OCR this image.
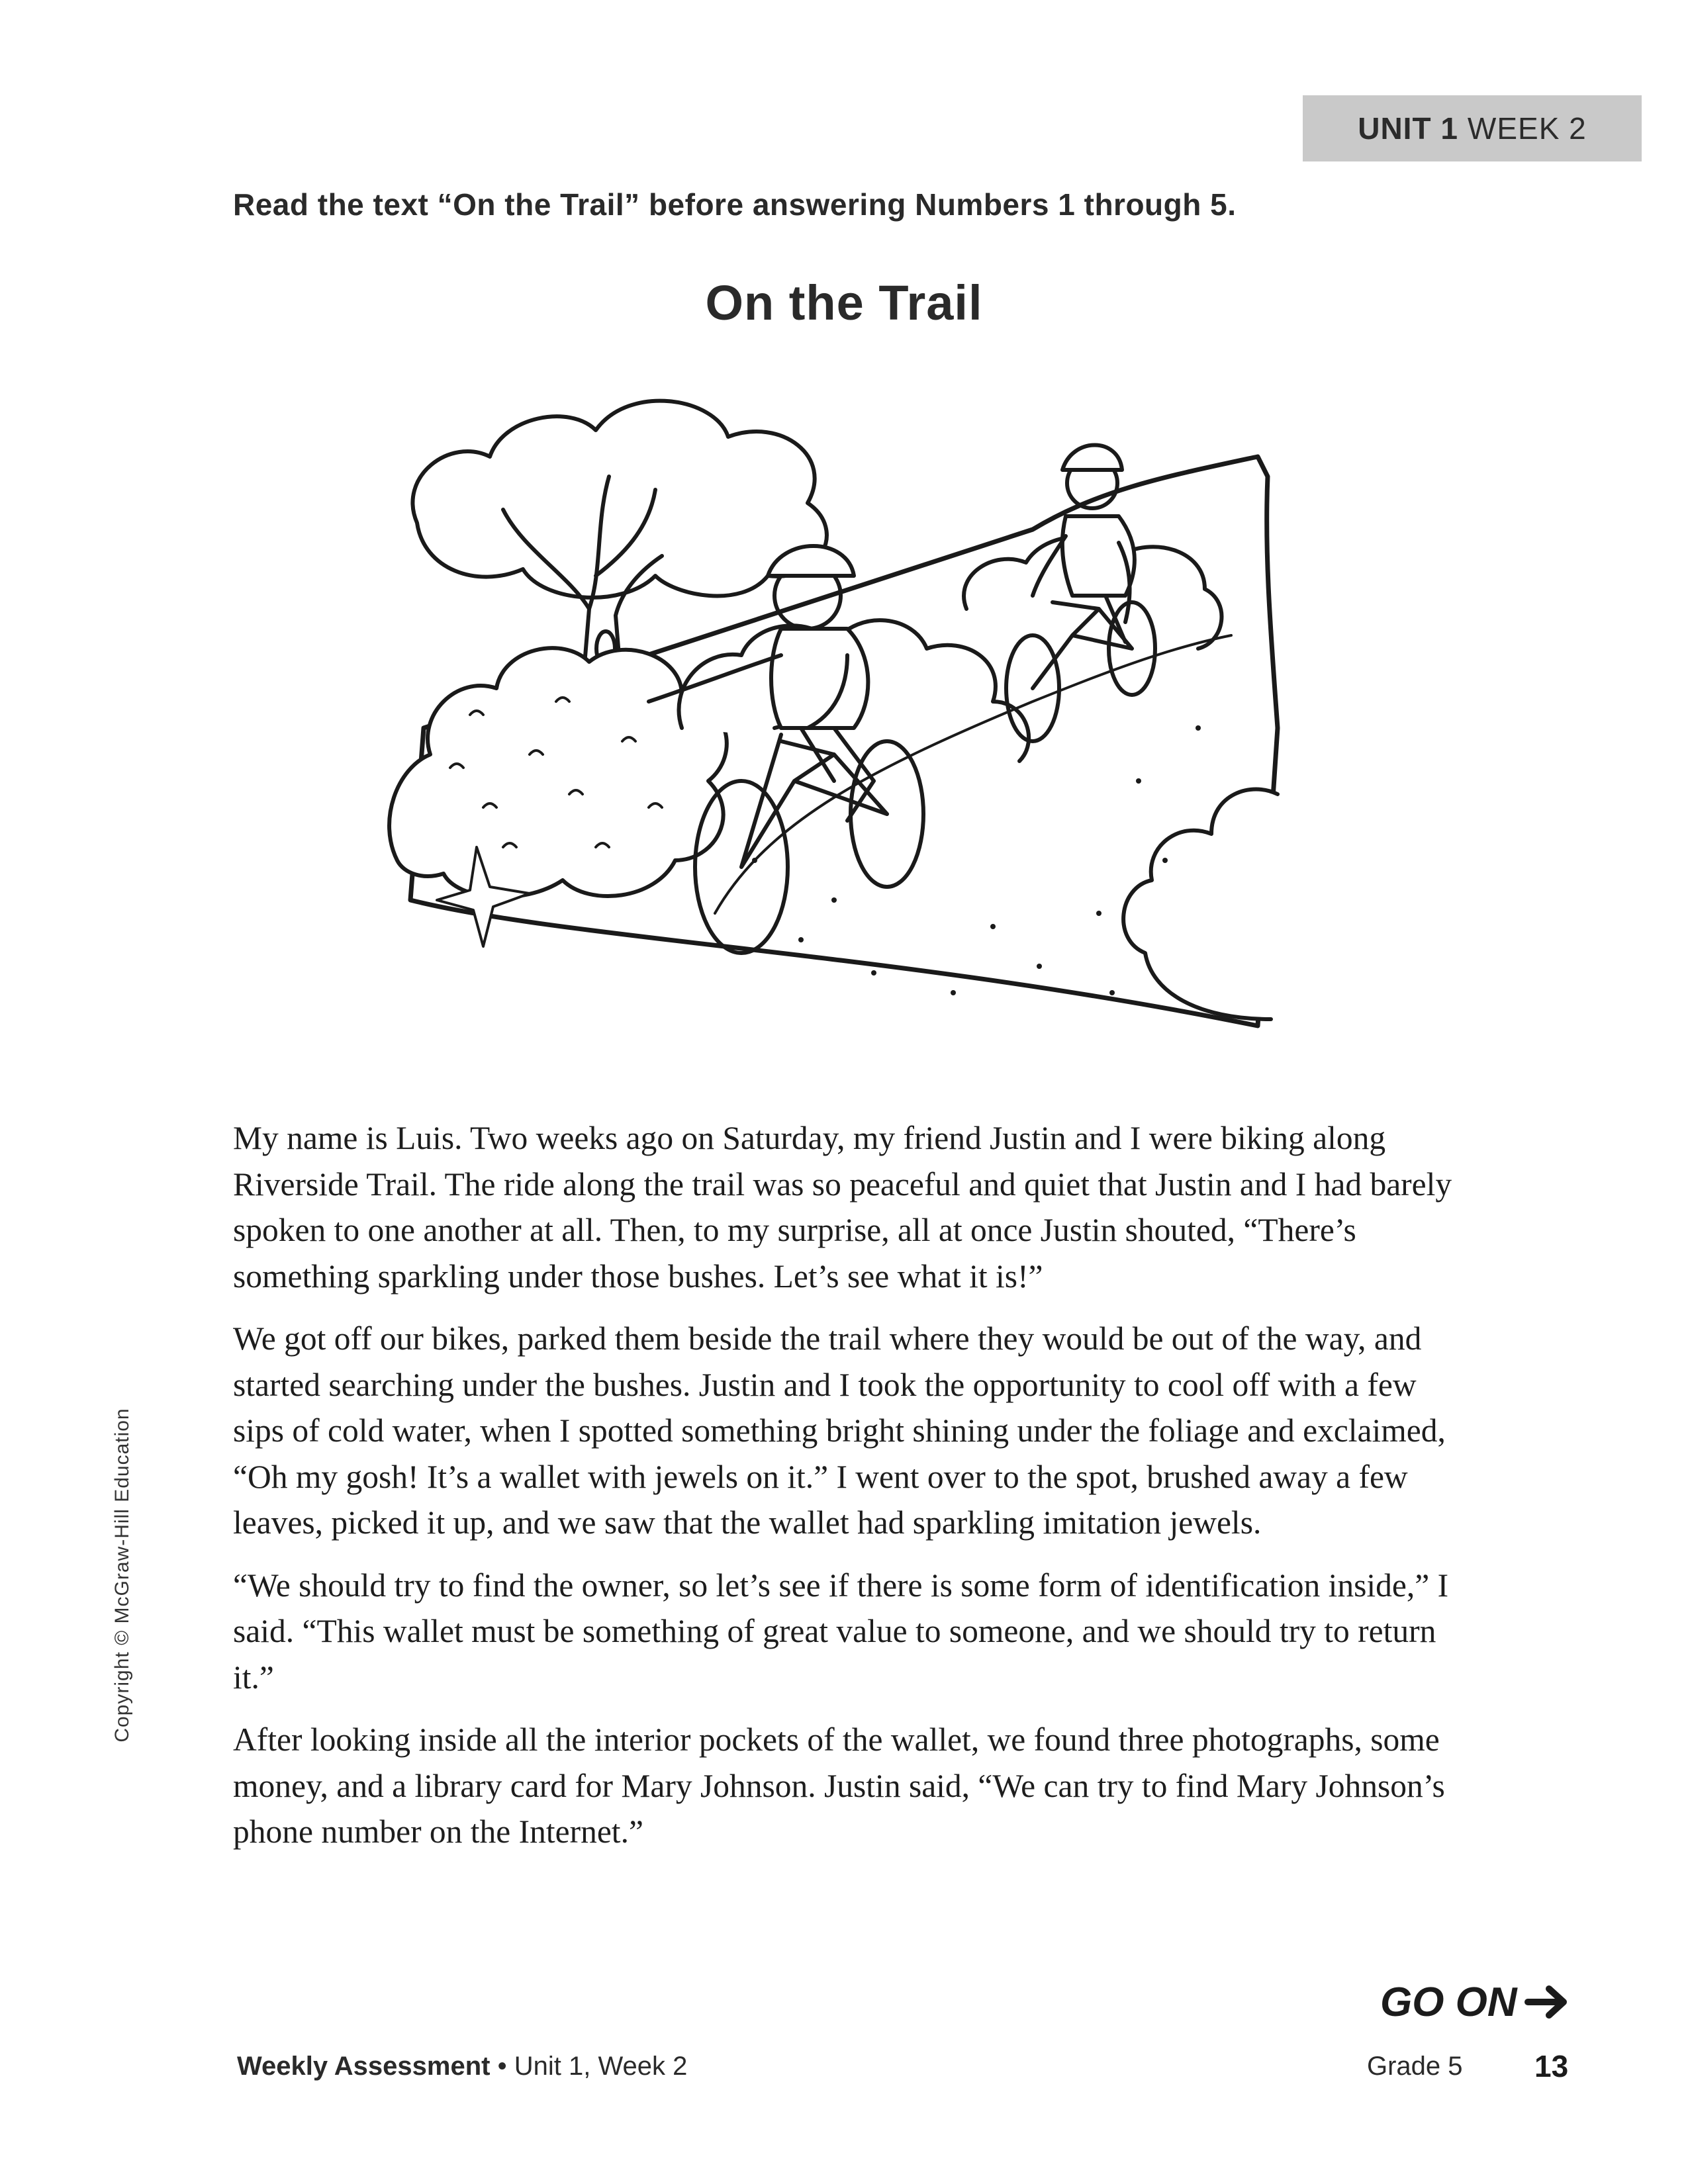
UNIT 1 WEEK 2
Read the text “On the Trail” before answering Numbers 1 through 5.
On the Trail

My name is Luis. Two weeks ago on Saturday, my friend Justin and I were biking along Riverside Trail. The ride along the trail was so peaceful and quiet that Justin and I had barely spoken to one another at all. Then, to my surprise, all at once Justin shouted, “There’s something sparkling under those bushes. Let’s see what it is!”

We got off our bikes, parked them beside the trail where they would be out of the way, and started searching under the bushes. Justin and I took the opportunity to cool off with a few sips of cold water, when I spotted something bright shining under the foliage and exclaimed, “Oh my gosh! It’s a wallet with jewels on it.” I went over to the spot, brushed away a few leaves, picked it up, and we saw that the wallet had sparkling imitation jewels.

“We should try to find the owner, so let’s see if there is some form of identification inside,” I said. “This wallet must be something of great value to someone, and we should try to return it.”

After looking inside all the interior pockets of the wallet, we found three photographs, some money, and a library card for Mary Johnson. Justin said, “We can try to find Mary Johnson’s phone number on the Internet.”

Copyright © McGraw-Hill Education
GO ON
Weekly Assessment • Unit 1, Week 2	Grade 5 13
